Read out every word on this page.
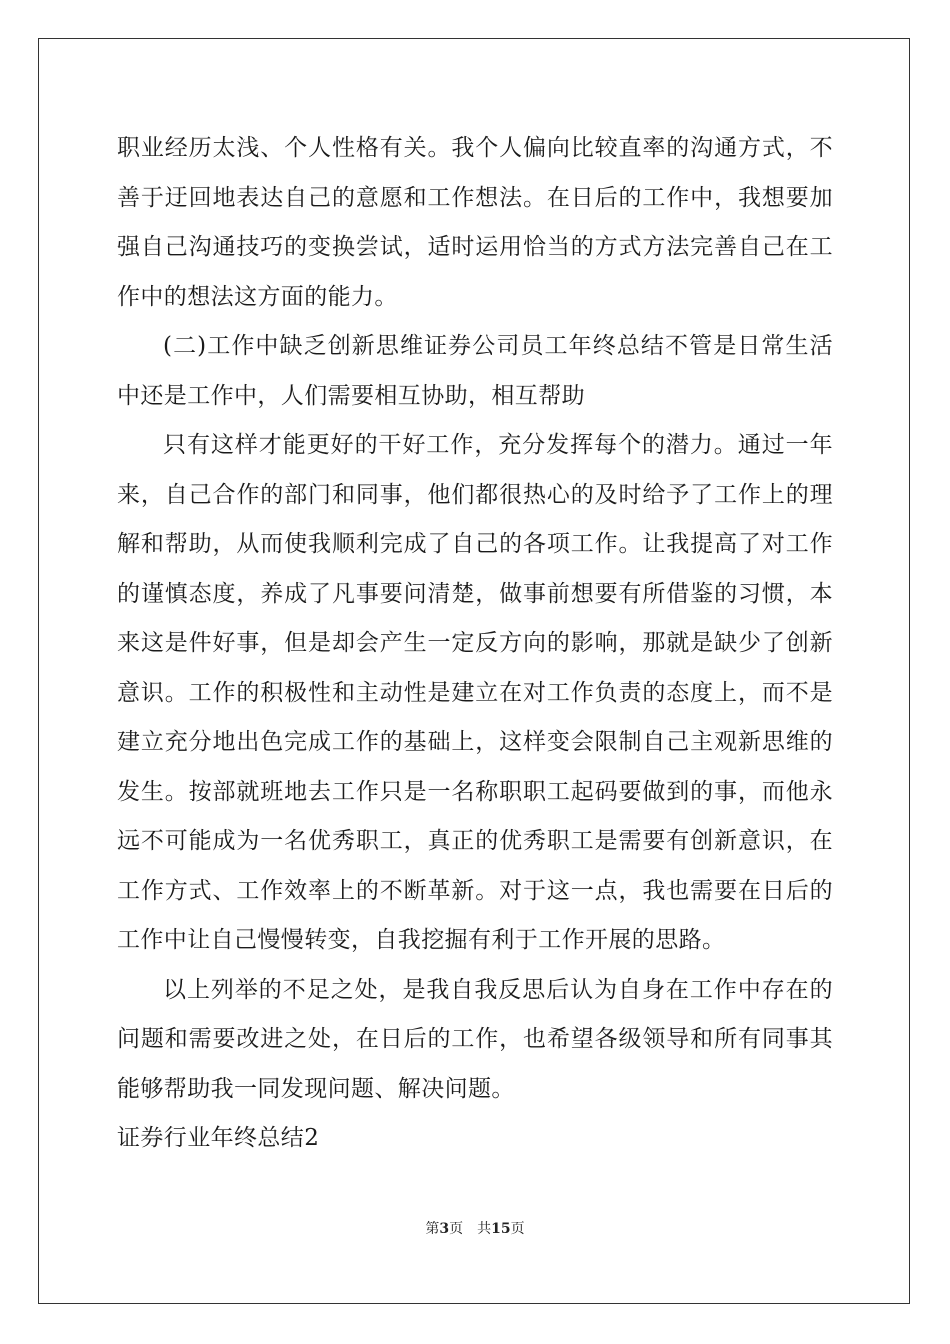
职业经历太浅、个人性格有关。我个人偏向比较直率的沟通方式，不善于迂回地表达自己的意愿和工作想法。在日后的工作中，我想要加强自己沟通技巧的变换尝试，适时运用恰当的方式方法完善自己在工作中的想法这方面的能力。

(二)工作中缺乏创新思维证券公司员工年终总结不管是日常生活中还是工作中，人们需要相互协助，相互帮助

只有这样才能更好的干好工作，充分发挥每个的潜力。通过一年来，自己合作的部门和同事，他们都很热心的及时给予了工作上的理解和帮助，从而使我顺利完成了自己的各项工作。让我提高了对工作的谨慎态度，养成了凡事要问清楚，做事前想要有所借鉴的习惯，本来这是件好事，但是却会产生一定反方向的影响，那就是缺少了创新意识。工作的积极性和主动性是建立在对工作负责的态度上，而不是建立充分地出色完成工作的基础上，这样变会限制自己主观新思维的发生。按部就班地去工作只是一名称职职工起码要做到的事，而他永远不可能成为一名优秀职工，真正的优秀职工是需要有创新意识，在工作方式、工作效率上的不断革新。对于这一点，我也需要在日后的工作中让自己慢慢转变，自我挖掘有利于工作开展的思路。

以上列举的不足之处，是我自我反思后认为自身在工作中存在的问题和需要改进之处，在日后的工作，也希望各级领导和所有同事其能够帮助我一同发现问题、解决问题。

证券行业年终总结2

第3页 共15页
